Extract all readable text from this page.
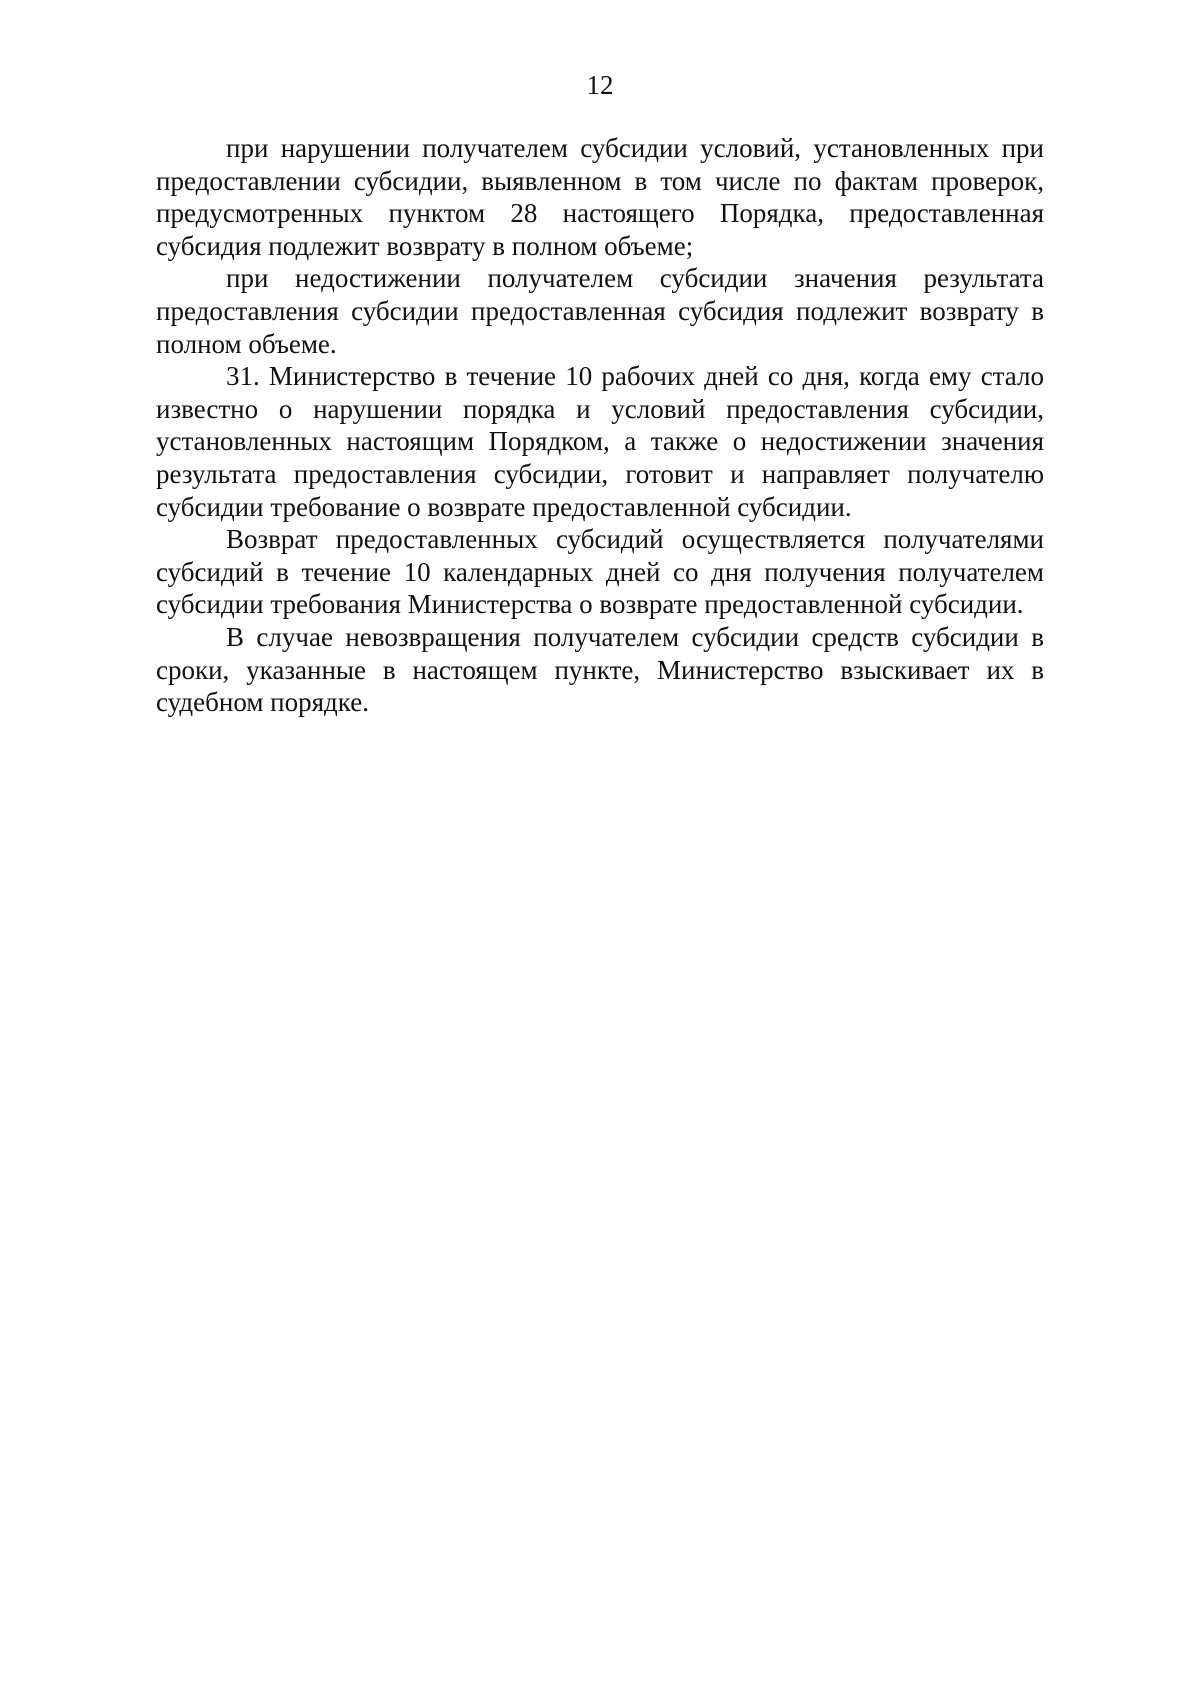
12

при нарушении получателем субсидии условий, установленных при предоставлении субсидии, выявленном в том числе по фактам проверок, предусмотренных пунктом 28 настоящего Порядка, предоставленная субсидия подлежит возврату в полном объеме;

при недостижении получателем субсидии значения результата предоставления субсидии предоставленная субсидия подлежит возврату в полном объеме.

31. Министерство в течение 10 рабочих дней со дня, когда ему стало известно о нарушении порядка и условий предоставления субсидии, установленных настоящим Порядком, а также о недостижении значения результата предоставления субсидии, готовит и направляет получателю субсидии требование о возврате предоставленной субсидии.

Возврат предоставленных субсидий осуществляется получателями субсидий в течение 10 календарных дней со дня получения получателем субсидии требования Министерства о возврате предоставленной субсидии.

В случае невозвращения получателем субсидии средств субсидии в сроки, указанные в настоящем пункте, Министерство взыскивает их в судебном порядке.
